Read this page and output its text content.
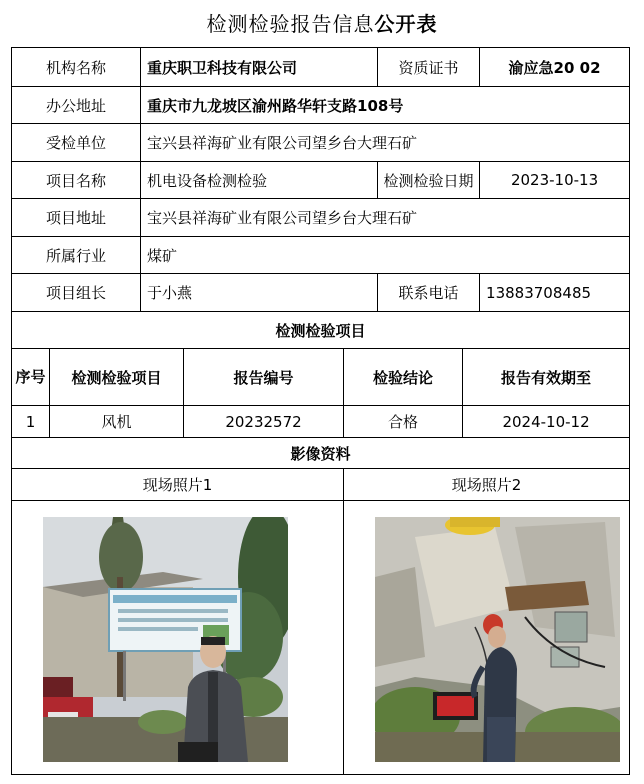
检测检验报告信息公开表
机构名称		重庆职卫科技有限公司			资质证书		渝应急20 02
办公地址		重庆市九龙坡区渝州路华轩支路108号					
受检单位		宝兴县祥海矿业有限公司望乡台大理石矿					
项目名称		机电设备检测检验			检测检验日期		2023-10-13
项目地址		宝兴县祥海矿业有限公司望乡台大理石矿					
所属行业		煤矿					
项目组长		于小燕			联系电话		13883708485
检测检验项目							
序号	检测检验项目		报告编号	检验结论		报告有效期至	
1	风机		20232572	合格		2024-10-12	
影像资料							
现场照片1				现场照片2			
